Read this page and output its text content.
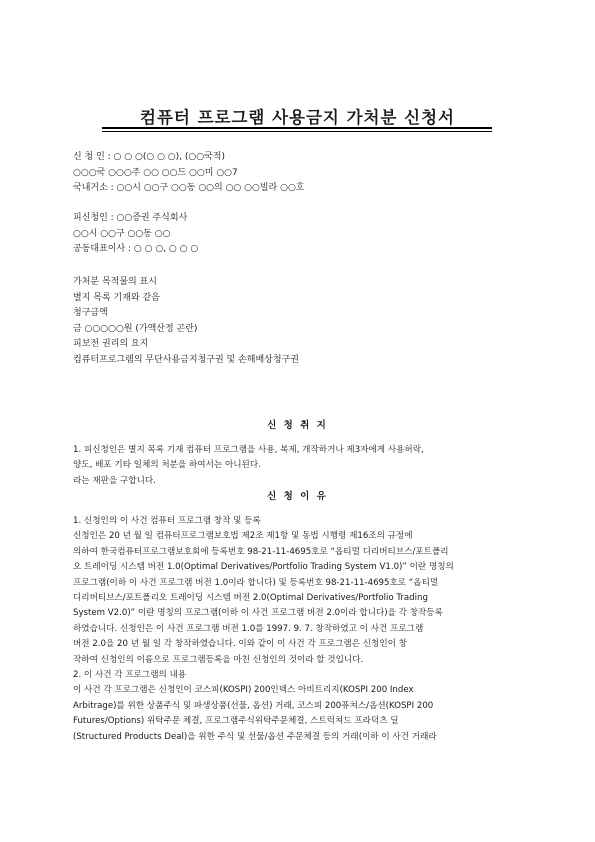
컴퓨터 프로그램 사용금지 가처분 신청서
신 청 인 : ○ ○ ○(○ ○ ○), (○○국적)
○○○국 ○○○주 ○○ ○○드 ○○미 ○○7
국내거소 : ○○시 ○○구 ○○동 ○○의 ○○ ○○빌라 ○○호
피신청인 : ○○증권 주식회사
○○시 ○○구 ○○동 ○○
공동대표이사 : ○ ○ ○, ○ ○ ○
가처분 목적물의 표시
별지 목록 기재와 같음
청구금액
금 ○○○○○원 (가액산정 곤란)
피보전 권리의 요지
컴퓨터프로그램의 무단사용금지청구권 및 손해배상청구권
신 청 취 지
1. 피신청인은 별지 목록 기재 컴퓨터 프로그램을 사용, 복제, 개작하거나 제3자에게 사용허락,
양도, 배포 기타 일체의 처분을 하여서는 아니된다.
라는 재판을 구합니다.
신 청 이 유
1. 신청인의 이 사건 컴퓨터 프로그램 창작 및 등록
신청인은 20 년 월 일 컴퓨터프로그램보호법 제2조 제1항 및 동법 시행령 제16조의 규정에
의하여 한국컴퓨터프로그램보호회에 등록번호 98-21-11-4695호로 “옵티멀 디리버티브스/포트폴리
오 트레이딩 시스템 버전 1.0(Optimal Derivatives/Portfolio Trading System V1.0)” 이란 명칭의
프로그램(이하 이 사건 프로그램 버전 1.0이라 합니다) 및 등록번호 98-21-11-4695호로 “옵티멀
디리버티브스/포트폴리오 트레이딩 시스템 버전 2.0(Optimal Derivatives/Portfolio Trading
System V2.0)” 이란 명칭의 프로그램(이하 이 사건 프로그램 버전 2.0이라 합니다)을 각 창작등록
하였습니다. 신청인은 이 사건 프로그램 버전 1.0를 1997. 9. 7. 창작하였고 이 사건 프로그램
버전 2.0을 20 년 월 일 각 창작하였습니다. 이와 같이 이 사건 각 프로그램은 신청인이 창
작하여 신청인의 이름으로 프로그램등록을 마친 신청인의 것이라 할 것입니다.
2. 이 사건 각 프로그램의 내용
이 사건 각 프로그램은 신청인이 코스피(KOSPI) 200인덱스 아비트리지(KOSPI 200 Index
Arbitrage)를 위한 상품주식 및 파생상품(선물, 옵션) 거래, 코스피 200퓨쳐스/옵션(KOSPI 200
Futures/Options) 위탁주문 체결, 프로그램주식위탁주문체결, 스트럭쳐드 프라덕츠 딜
(Structured Products Deal)을 위한 주식 및 선물/옵션 주문체결 등의 거래(이하 이 사건 거래라
